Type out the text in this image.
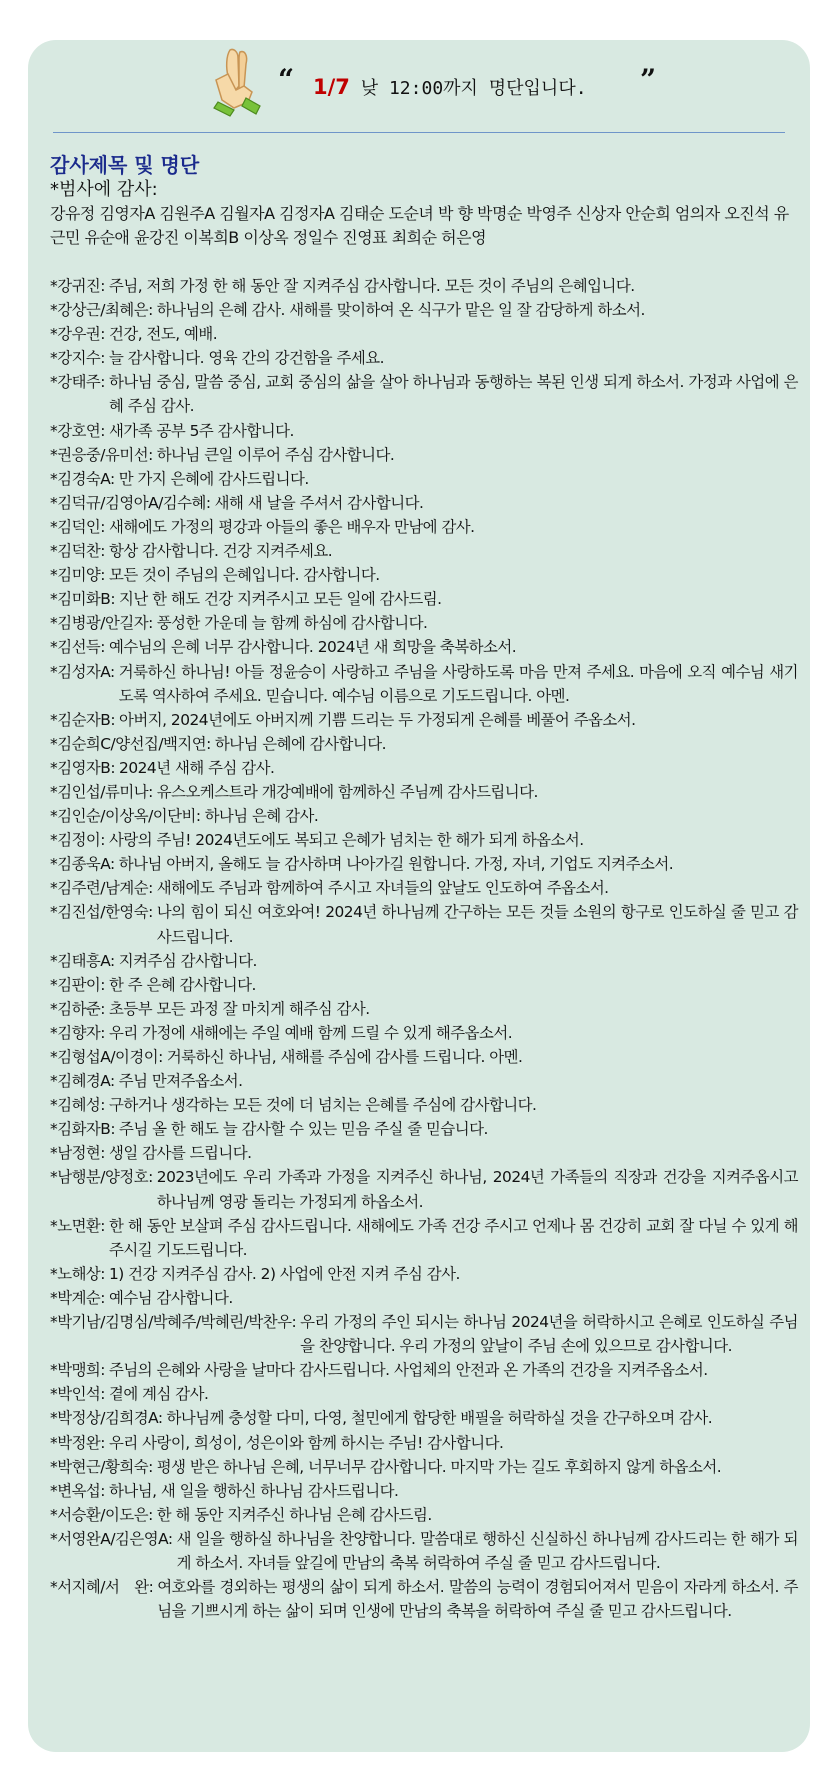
“ 1/7 낮 12:00까지 명단입니다. ”
감사제목 및 명단
*범사에 감사:
강유정 김영자A 김원주A 김월자A 김정자A 김태순 도순녀 박 향 박명순 박영주 신상자 안순희 엄의자 오진석 유근민 유순애 윤강진 이복희B 이상옥 정일수 진영표 최희순 허은영
*강귀진: 주님, 저희 가정 한 해 동안 잘 지켜주심 감사합니다. 모든 것이 주님의 은혜입니다.
*강상근/최혜은: 하나님의 은혜 감사. 새해를 맞이하여 온 식구가 맡은 일 잘 감당하게 하소서.
*강우권: 건강, 전도, 예배.
*강지수: 늘 감사합니다. 영육 간의 강건함을 주세요.
*강태주: 하나님 중심, 말씀 중심, 교회 중심의 삶을 살아 하나님과 동행하는 복된 인생 되게 하소서. 가정과 사업에 은혜 주심 감사.
*강호연: 새가족 공부 5주 감사합니다.
*권응중/유미선: 하나님 큰일 이루어 주심 감사합니다.
*김경숙A: 만 가지 은혜에 감사드립니다.
*김덕규/김영아A/김수혜: 새해 새 날을 주셔서 감사합니다.
*김덕인: 새해에도 가정의 평강과 아들의 좋은 배우자 만남에 감사.
*김덕찬: 항상 감사합니다. 건강 지켜주세요.
*김미양: 모든 것이 주님의 은혜입니다. 감사합니다.
*김미화B: 지난 한 해도 건강 지켜주시고 모든 일에 감사드림.
*김병광/안길자: 풍성한 가운데 늘 함께 하심에 감사합니다.
*김선득: 예수님의 은혜 너무 감사합니다. 2024년 새 희망을 축복하소서.
*김성자A: 거룩하신 하나님! 아들 정윤승이 사랑하고 주님을 사랑하도록 마음 만져 주세요. 마음에 오직 예수님 새기도록 역사하여 주세요. 믿습니다. 예수님 이름으로 기도드립니다. 아멘.
*김순자B: 아버지, 2024년에도 아버지께 기쁨 드리는 두 가정되게 은혜를 베풀어 주옵소서.
*김순희C/양선집/백지연: 하나님 은혜에 감사합니다.
*김영자B: 2024년 새해 주심 감사.
*김인섭/류미나: 유스오케스트라 개강예배에 함께하신 주님께 감사드립니다.
*김인순/이상옥/이단비: 하나님 은혜 감사.
*김정이: 사랑의 주님! 2024년도에도 복되고 은혜가 넘치는 한 해가 되게 하옵소서.
*김종욱A: 하나님 아버지, 올해도 늘 감사하며 나아가길 원합니다. 가정, 자녀, 기업도 지켜주소서.
*김주련/남계순: 새해에도 주님과 함께하여 주시고 자녀들의 앞날도 인도하여 주옵소서.
*김진섭/한영숙: 나의 힘이 되신 여호와여! 2024년 하나님께 간구하는 모든 것들 소원의 항구로 인도하실 줄 믿고 감사드립니다.
*김태흥A: 지켜주심 감사합니다.
*김판이: 한 주 은혜 감사합니다.
*김하준: 초등부 모든 과정 잘 마치게 해주심 감사.
*김향자: 우리 가정에 새해에는 주일 예배 함께 드릴 수 있게 해주옵소서.
*김형섭A/이경이: 거룩하신 하나님, 새해를 주심에 감사를 드립니다. 아멘.
*김혜경A: 주님 만져주옵소서.
*김혜성: 구하거나 생각하는 모든 것에 더 넘치는 은혜를 주심에 감사합니다.
*김화자B: 주님 올 한 해도 늘 감사할 수 있는 믿음 주실 줄 믿습니다.
*남정현: 생일 감사를 드립니다.
*남행분/양정호: 2023년에도 우리 가족과 가정을 지켜주신 하나님, 2024년 가족들의 직장과 건강을 지켜주옵시고 하나님께 영광 돌리는 가정되게 하옵소서.
*노면환: 한 해 동안 보살펴 주심 감사드립니다. 새해에도 가족 건강 주시고 언제나 몸 건강히 교회 잘 다닐 수 있게 해주시길 기도드립니다.
*노해상: 1) 건강 지켜주심 감사. 2) 사업에 안전 지켜 주심 감사.
*박계순: 예수님 감사합니다.
*박기남/김명심/박혜주/박혜린/박찬우: 우리 가정의 주인 되시는 하나님 2024년을 허락하시고 은혜로 인도하실 주님을 찬양합니다. 우리 가정의 앞날이 주님 손에 있으므로 감사합니다.
*박맹희: 주님의 은혜와 사랑을 날마다 감사드립니다. 사업체의 안전과 온 가족의 건강을 지켜주옵소서.
*박인석: 곁에 계심 감사.
*박정상/김희경A: 하나님께 충성할 다미, 다영, 철민에게 합당한 배필을 허락하실 것을 간구하오며 감사.
*박정완: 우리 사랑이, 희성이, 성은이와 함께 하시는 주님! 감사합니다.
*박현근/황희숙: 평생 받은 하나님 은혜, 너무너무 감사합니다. 마지막 가는 길도 후회하지 않게 하옵소서.
*변옥섭: 하나님, 새 일을 행하신 하나님 감사드립니다.
*서승환/이도은: 한 해 동안 지켜주신 하나님 은혜 감사드림.
*서영완A/김은영A: 새 일을 행하실 하나님을 찬양합니다. 말씀대로 행하신 신실하신 하나님께 감사드리는 한 해가 되게 하소서. 자녀들 앞길에 만남의 축복 허락하여 주실 줄 믿고 감사드립니다.
*서지혜/서　완: 여호와를 경외하는 평생의 삶이 되게 하소서. 말씀의 능력이 경험되어져서 믿음이 자라게 하소서. 주님을 기쁘시게 하는 삶이 되며 인생에 만남의 축복을 허락하여 주실 줄 믿고 감사드립니다.
